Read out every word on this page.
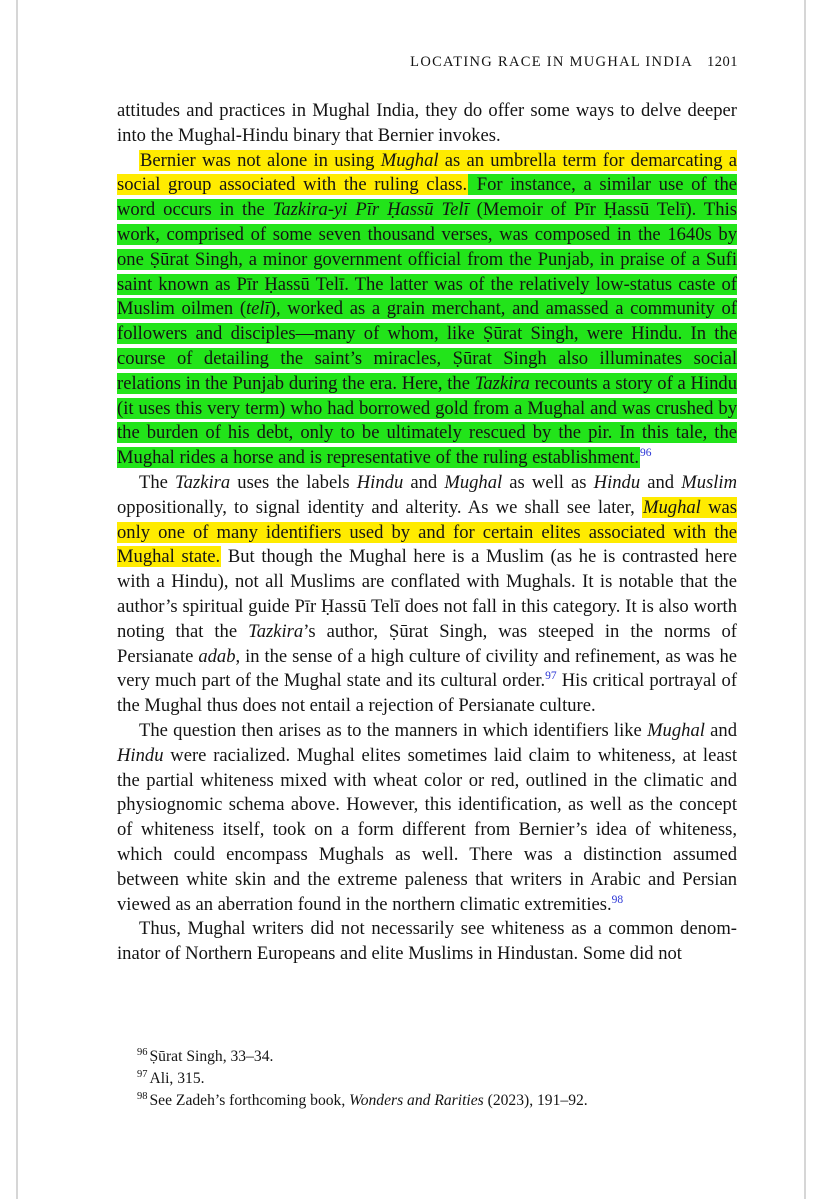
LOCATING RACE IN MUGHAL INDIA 1201

attitudes and practices in Mughal India, they do offer some ways to delve deeper into the Mughal-Hindu binary that Bernier invokes.

Bernier was not alone in using Mughal as an umbrella term for demarcating a social group associated with the ruling class. For instance, a similar use of the word occurs in the Tazkira-yi Pīr Ḥassū Telī (Memoir of Pīr Ḥassū Telī). This work, comprised of some seven thousand verses, was composed in the 1640s by one Ṣūrat Singh, a minor government official from the Punjab, in praise of a Sufi saint known as Pīr Ḥassū Telī. The latter was of the relatively low-status caste of Muslim oilmen (telī), worked as a grain merchant, and amassed a community of followers and disciples—many of whom, like Ṣūrat Singh, were Hindu. In the course of detailing the saint’s miracles, Ṣūrat Singh also illuminates social relations in the Punjab during the era. Here, the Tazkira recounts a story of a Hindu (it uses this very term) who had borrowed gold from a Mughal and was crushed by the burden of his debt, only to be ultimately rescued by the pir. In this tale, the Mughal rides a horse and is representative of the ruling establishment.$^{96}$

The Tazkira uses the labels Hindu and Mughal as well as Hindu and Muslim oppositionally, to signal identity and alterity. As we shall see later, Mughal was only one of many identifiers used by and for certain elites associated with the Mughal state. But though the Mughal here is a Muslim (as he is contrasted here with a Hindu), not all Muslims are conflated with Mughals. It is notable that the author’s spiritual guide Pīr Ḥassū Telī does not fall in this category. It is also worth noting that the Tazkira’s author, Ṣūrat Singh, was steeped in the norms of Persianate adab, in the sense of a high culture of civility and refinement, as was he very much part of the Mughal state and its cultural order.$^{97}$ His critical portrayal of the Mughal thus does not entail a rejection of Persianate culture.

The question then arises as to the manners in which identifiers like Mughal and Hindu were racialized. Mughal elites sometimes laid claim to whiteness, at least the partial whiteness mixed with wheat color or red, outlined in the climatic and physiognomic schema above. However, this identification, as well as the concept of whiteness itself, took on a form different from Bernier’s idea of whiteness, which could encompass Mughals as well. There was a distinction assumed between white skin and the extreme paleness that writers in Arabic and Persian viewed as an aberration found in the northern climatic extremities.$^{98}$

Thus, Mughal writers did not necessarily see whiteness as a common denominator of Northern Europeans and elite Muslims in Hindustan. Some did not

$^{96}$ Ṣūrat Singh, 33–34.

$^{97}$ Ali, 315.

$^{98}$ See Zadeh’s forthcoming book, Wonders and Rarities (2023), 191–92.
